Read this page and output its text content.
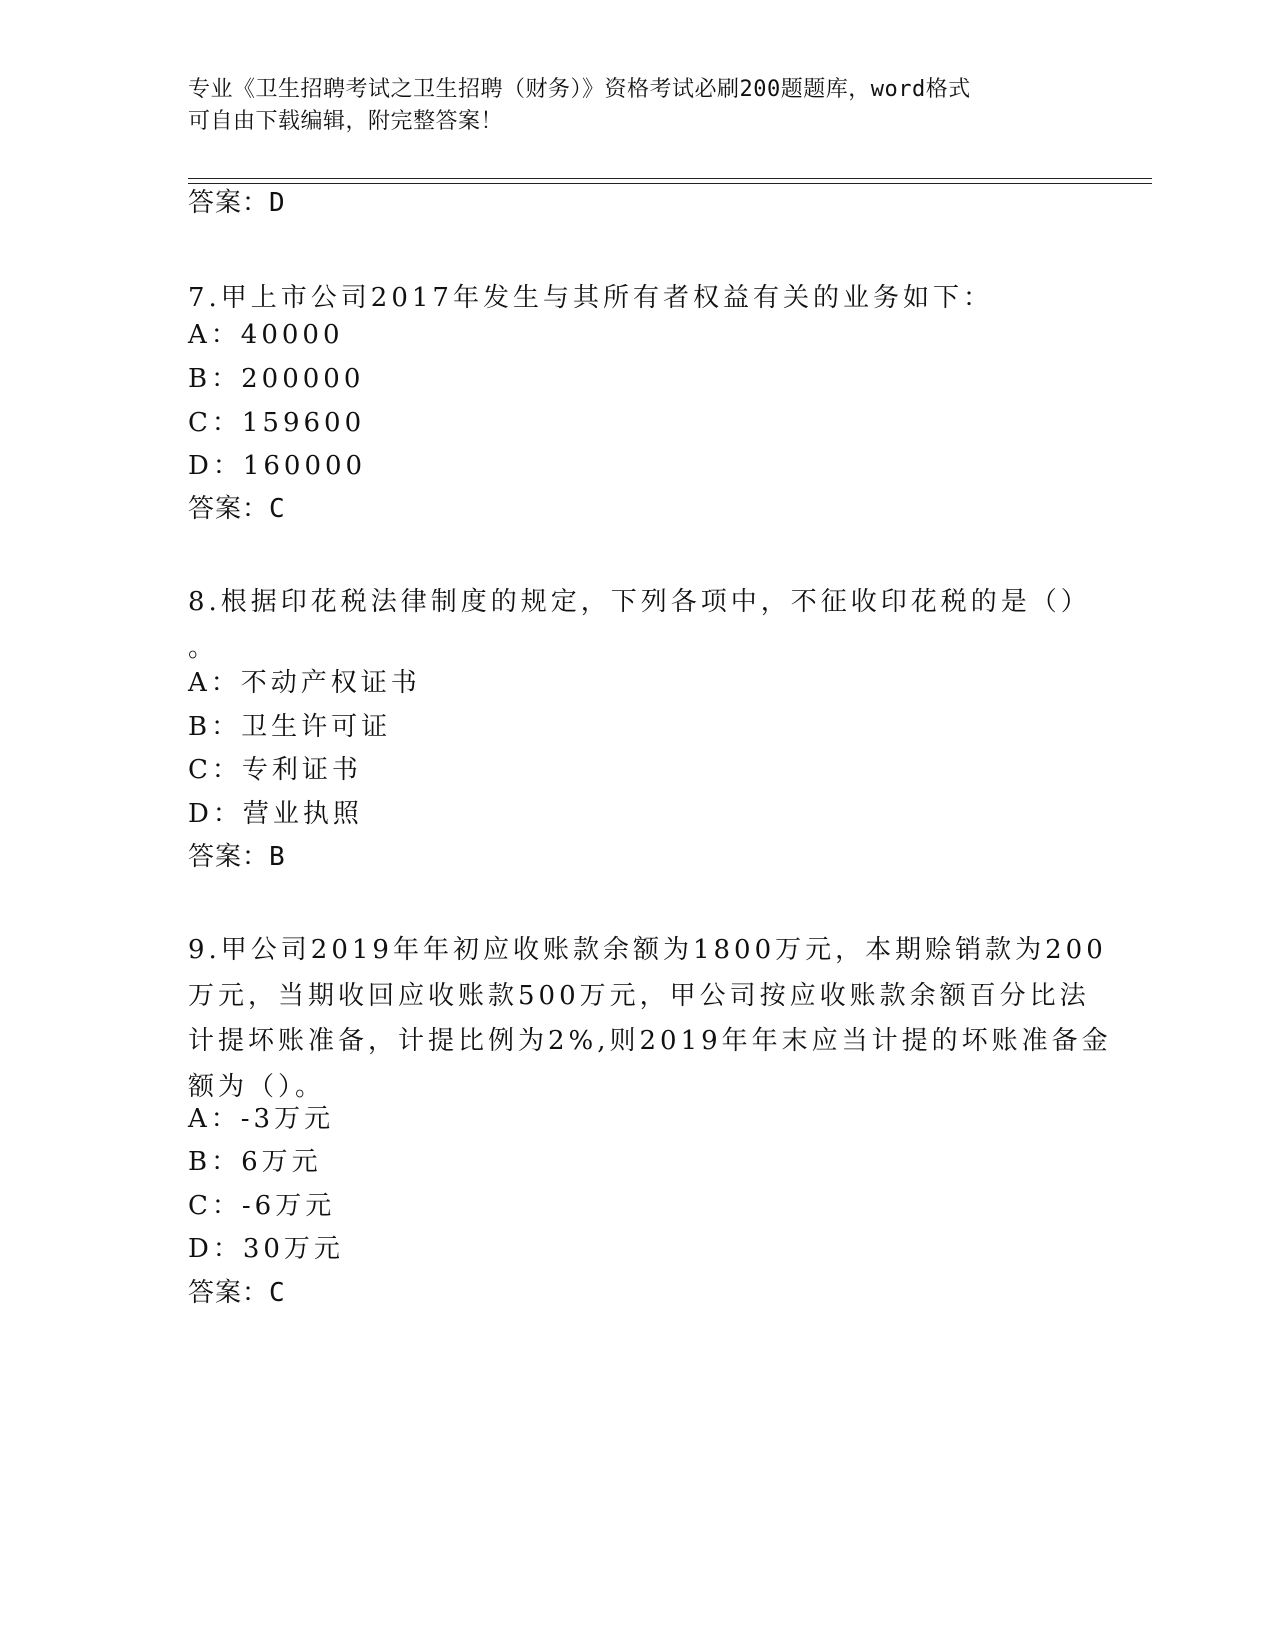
专业《卫生招聘考试之卫生招聘（财务）》资格考试必刷200题题库，word格式
可自由下载编辑，附完整答案！
答案：D
7.甲上市公司2017年发生与其所有者权益有关的业务如下：
A：40000
B：200000
C：159600
D：160000
答案：C
8.根据印花税法律制度的规定，下列各项中，不征收印花税的是（）
。
A：不动产权证书
B：卫生许可证
C：专利证书
D：营业执照
答案：B
9.甲公司2019年年初应收账款余额为1800万元，本期赊销款为200
万元，当期收回应收账款500万元，甲公司按应收账款余额百分比法
计提坏账准备，计提比例为2%,则2019年年末应当计提的坏账准备金
额为（）。
A：-3万元
B：6万元
C：-6万元
D：30万元
答案：C
